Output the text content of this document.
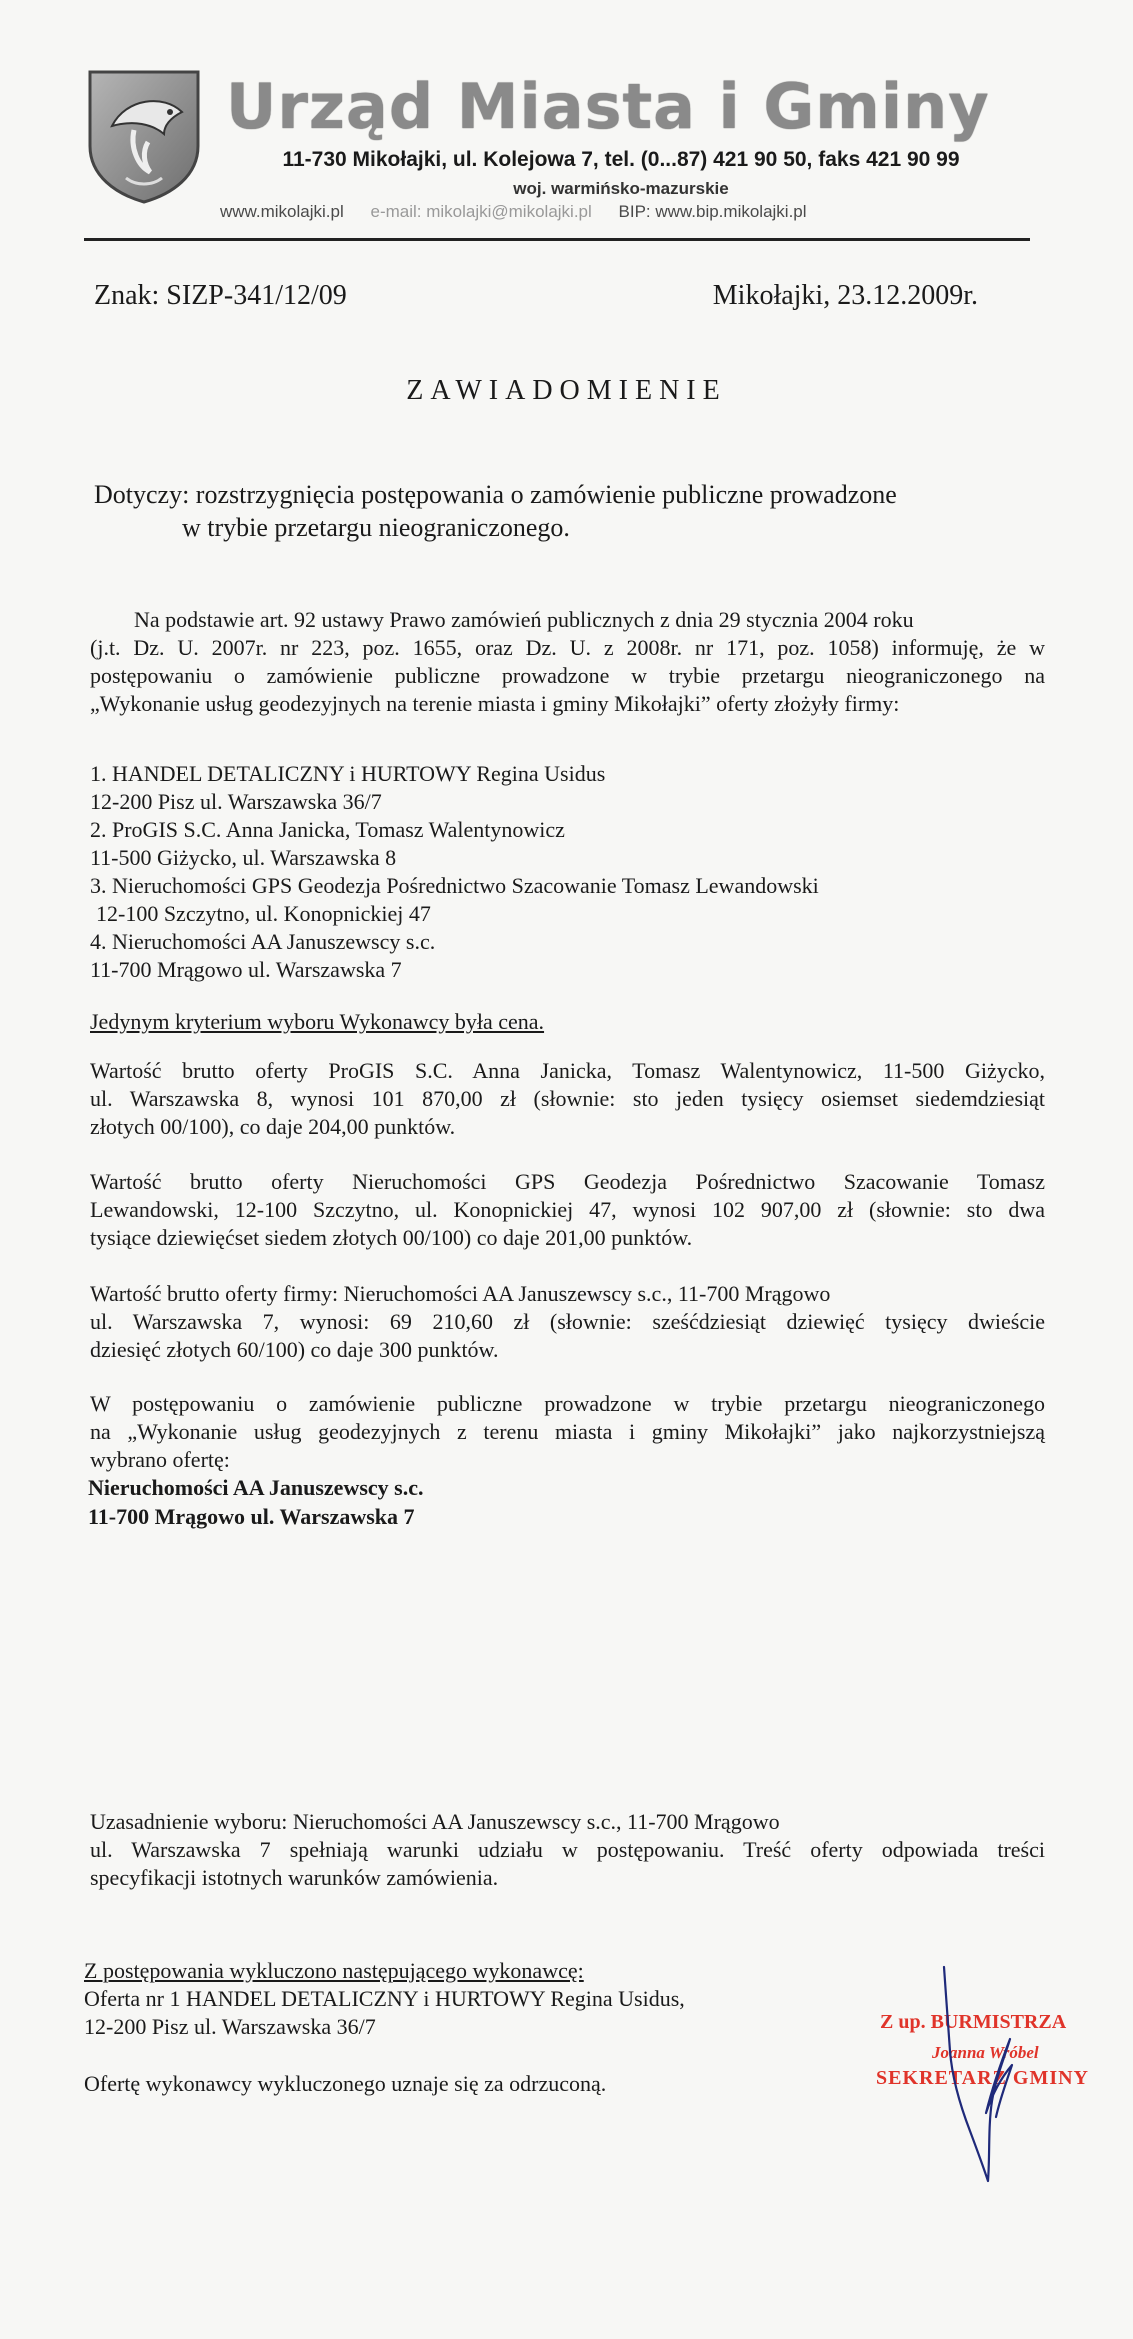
Urząd Miasta i Gminy
11-730 Mikołajki, ul. Kolejowa 7, tel. (0...87) 421 90 50, faks 421 90 99
woj. warmińsko-mazurskie
www.mikolajki.pl e-mail: mikolajki@mikolajki.pl BIP: www.bip.mikolajki.pl
Znak: SIZP-341/12/09	Mikołajki, 23.12.2009r.
ZAWIADOMIENIE
Dotyczy: rozstrzygnięcia postępowania o zamówienie publiczne prowadzone
w trybie przetargu nieograniczonego.
Na podstawie art. 92 ustawy Prawo zamówień publicznych z dnia 29 stycznia 2004 roku
(j.t. Dz. U. 2007r. nr 223, poz. 1655, oraz Dz. U. z 2008r. nr 171, poz. 1058) informuję, że w
postępowaniu o zamówienie publiczne prowadzone w trybie przetargu nieograniczonego na
„Wykonanie usług geodezyjnych na terenie miasta i gminy Mikołajki” oferty złożyły firmy:
1. HANDEL DETALICZNY i HURTOWY Regina Usidus
12-200 Pisz ul. Warszawska 36/7
2. ProGIS S.C. Anna Janicka, Tomasz Walentynowicz
11-500 Giżycko, ul. Warszawska 8
3. Nieruchomości GPS Geodezja Pośrednictwo Szacowanie Tomasz Lewandowski
12-100 Szczytno, ul. Konopnickiej 47
4. Nieruchomości AA Januszewscy s.c.
11-700 Mrągowo ul. Warszawska 7
Jedynym kryterium wyboru Wykonawcy była cena.
Wartość brutto oferty ProGIS S.C. Anna Janicka, Tomasz Walentynowicz, 11-500 Giżycko,
ul. Warszawska 8, wynosi 101 870,00 zł (słownie: sto jeden tysięcy osiemset siedemdziesiąt
złotych 00/100), co daje 204,00 punktów.
Wartość brutto oferty Nieruchomości GPS Geodezja Pośrednictwo Szacowanie Tomasz
Lewandowski, 12-100 Szczytno, ul. Konopnickiej 47, wynosi 102 907,00 zł (słownie: sto dwa
tysiące dziewięćset siedem złotych 00/100) co daje 201,00 punktów.
Wartość brutto oferty firmy: Nieruchomości AA Januszewscy s.c., 11-700 Mrągowo
ul. Warszawska 7, wynosi: 69 210,60 zł (słownie: sześćdziesiąt dziewięć tysięcy dwieście
dziesięć złotych 60/100) co daje 300 punktów.
W postępowaniu o zamówienie publiczne prowadzone w trybie przetargu nieograniczonego
na „Wykonanie usług geodezyjnych z terenu miasta i gminy Mikołajki” jako najkorzystniejszą
wybrano ofertę:
Nieruchomości AA Januszewscy s.c.
11-700 Mrągowo ul. Warszawska 7
Uzasadnienie wyboru: Nieruchomości AA Januszewscy s.c., 11-700 Mrągowo
ul. Warszawska 7 spełniają warunki udziału w postępowaniu. Treść oferty odpowiada treści
specyfikacji istotnych warunków zamówienia.
Z postępowania wykluczono następującego wykonawcę:
Oferta nr 1 HANDEL DETALICZNY i HURTOWY Regina Usidus,
12-200 Pisz ul. Warszawska 36/7
Ofertę wykonawcy wykluczonego uznaje się za odrzuconą.
Z up. BURMISTRZA
Joanna Wróbel
SEKRETARZ GMINY
